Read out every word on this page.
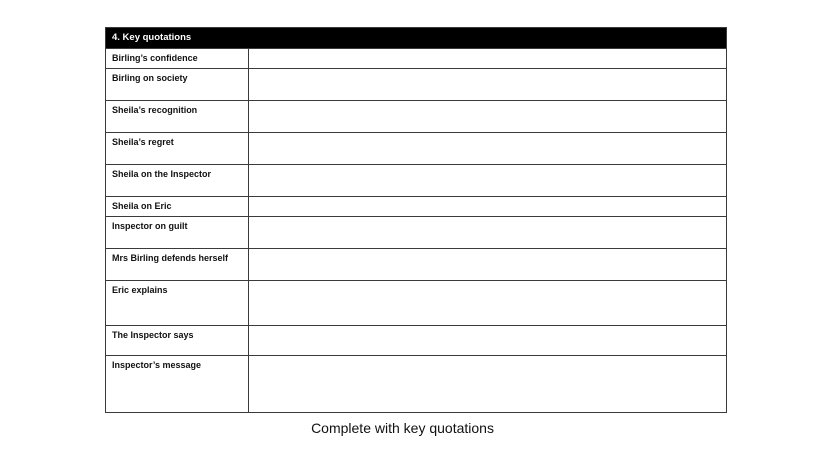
4. Key quotations
Birling’s confidence
Birling on society
Sheila’s recognition
Sheila’s regret
Sheila on the Inspector
Sheila on Eric
Inspector on guilt
Mrs Birling defends herself
Eric explains
The Inspector says
Inspector’s message
Complete with key quotations
